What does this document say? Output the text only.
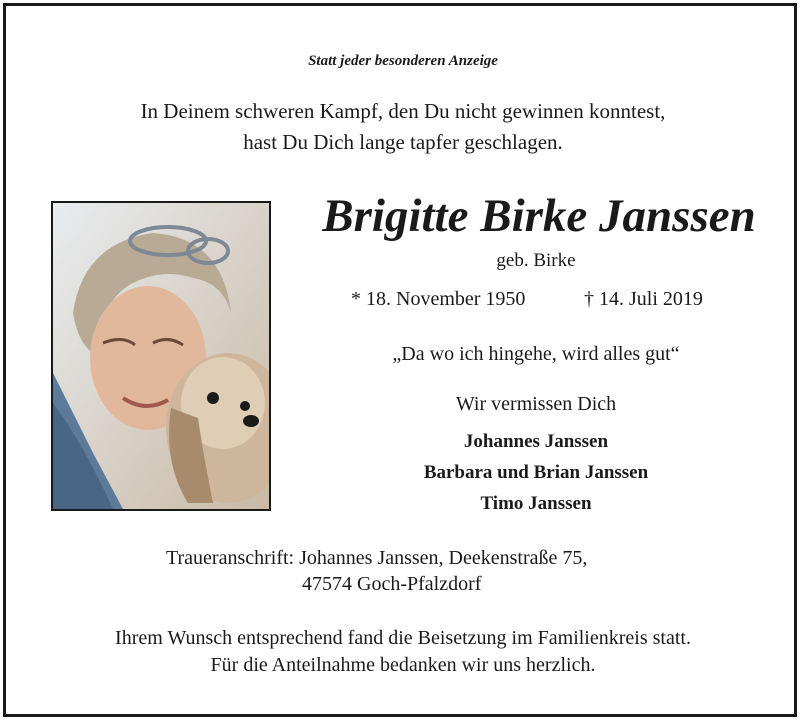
Statt jeder besonderen Anzeige
In Deinem schweren Kampf, den Du nicht gewinnen konntest,
hast Du Dich lange tapfer geschlagen.
Brigitte Birke Janssen
geb. Birke
* 18. November 1950	† 14. Juli 2019
„Da wo ich hingehe, wird alles gut“
Wir vermissen Dich
Johannes Janssen
Barbara und Brian Janssen
Timo Janssen
Traueranschrift: Johannes Janssen, Deekenstraße 75,
47574 Goch-Pfalzdorf
Ihrem Wunsch entsprechend fand die Beisetzung im Familienkreis statt.
Für die Anteilnahme bedanken wir uns herzlich.
